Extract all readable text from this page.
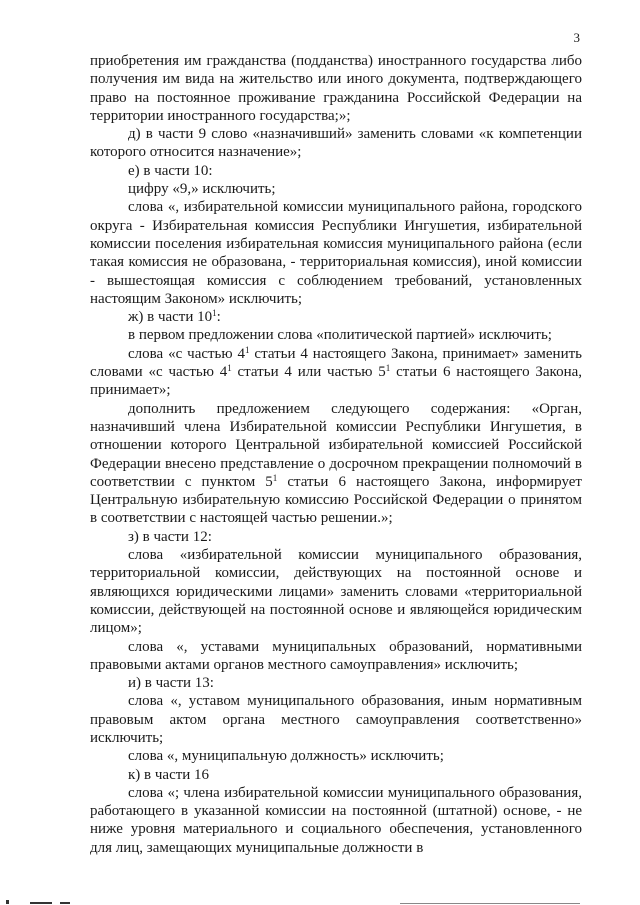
3

приобретения им гражданства (подданства) иностранного государства либо получения им вида на жительство или иного документа, подтверждающего право на постоянное проживание гражданина Российской Федерации на территории иностранного государства;»;

д) в части 9 слово «назначивший» заменить словами «к компетенции которого относится назначение»;

е) в части 10:

цифру «9,» исключить;

слова «, избирательной комиссии муниципального района, городского округа - Избирательная комиссия Республики Ингушетия, избирательной комиссии поселения избирательная комиссия муниципального района (если такая комиссия не образована, - территориальная комиссия), иной комиссии - вышестоящая комиссия с соблюдением требований, установленных настоящим Законом» исключить;

ж) в части $10^1$:

в первом предложении слова «политической партией» исключить;

слова «с частью $4^1$ статьи 4 настоящего Закона, принимает» заменить словами «с частью $4^1$ статьи 4 или частью $5^1$ статьи 6 настоящего Закона, принимает»;

дополнить предложением следующего содержания: «Орган, назначивший члена Избирательной комиссии Республики Ингушетия, в отношении которого Центральной избирательной комиссией Российской Федерации внесено представление о досрочном прекращении полномочий в соответствии с пунктом $5^1$ статьи 6 настоящего Закона, информирует Центральную избирательную комиссию Российской Федерации о принятом в соответствии с настоящей частью решении.»;

з) в части 12:

слова «избирательной комиссии муниципального образования, территориальной комиссии, действующих на постоянной основе и являющихся юридическими лицами» заменить словами «территориальной комиссии, действующей на постоянной основе и являющейся юридическим лицом»;

слова «, уставами муниципальных образований, нормативными правовыми актами органов местного самоуправления» исключить;

и) в части 13:

слова «, уставом муниципального образования, иным нормативным правовым актом органа местного самоуправления соответственно» исключить;

слова «, муниципальную должность» исключить;

к) в части 16

слова «; члена избирательной комиссии муниципального образования, работающего в указанной комиссии на постоянной (штатной) основе, - не ниже уровня материального и социального обеспечения, установленного для лиц, замещающих муниципальные должности в
